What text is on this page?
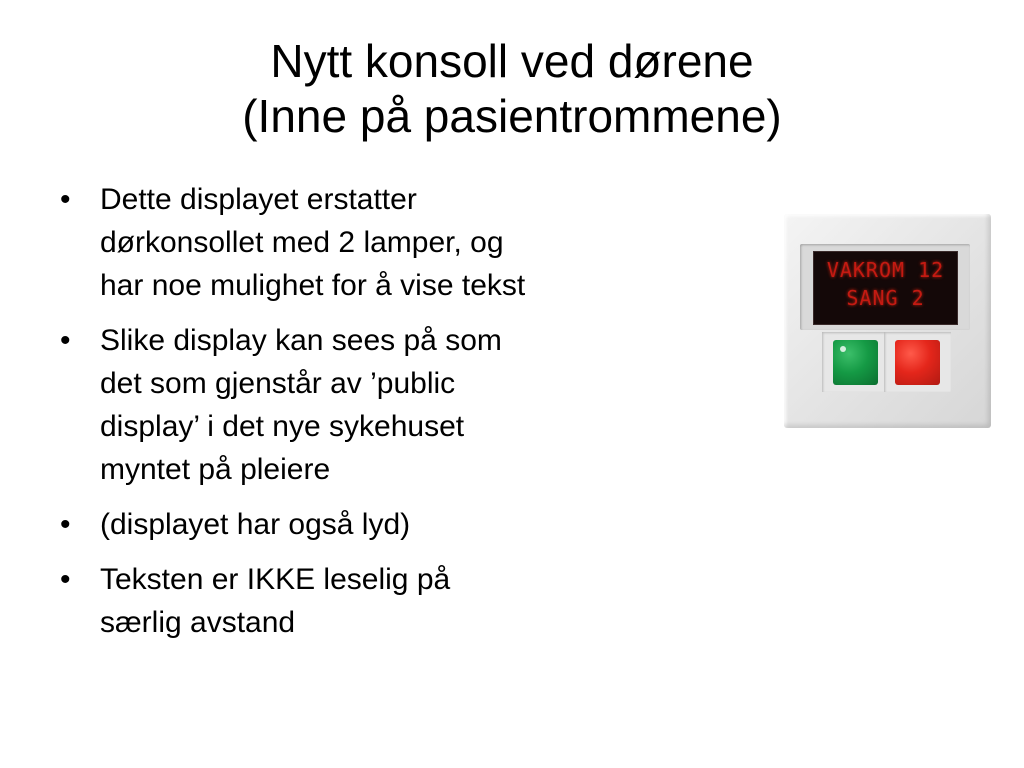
Nytt konsoll ved dørene
(Inne på pasientrommene)
• Dette displayet erstatter
dørkonsollet med 2 lamper, og
har noe mulighet for å vise tekst
• Slike display kan sees på som
det som gjenstår av ’public
display’ i det nye sykehuset
myntet på pleiere
• (displayet har også lyd)
• Teksten er IKKE leselig på
særlig avstand
VAKROM 12
SANG 2
